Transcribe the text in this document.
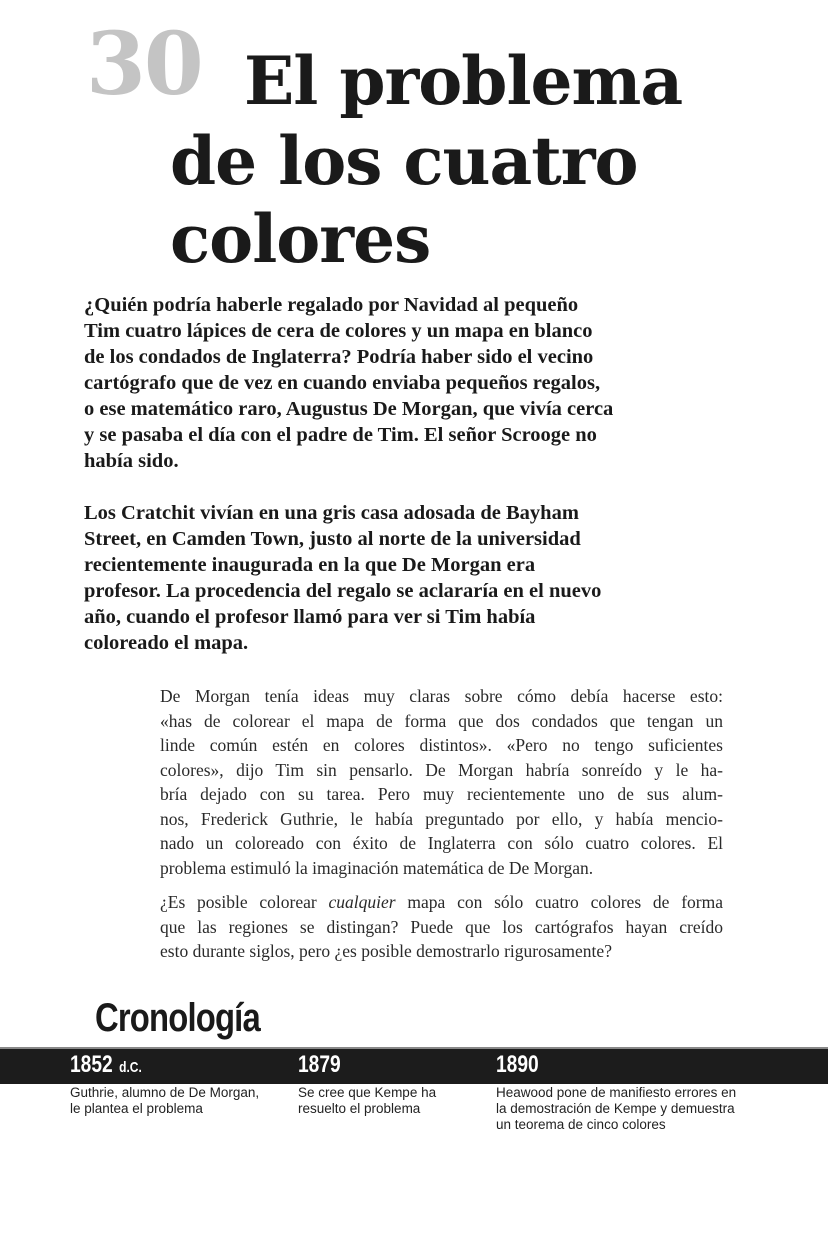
30 El problema
de los cuatro
colores
¿Quién podría haberle regalado por Navidad al pequeño
Tim cuatro lápices de cera de colores y un mapa en blanco
de los condados de Inglaterra? Podría haber sido el vecino
cartógrafo que de vez en cuando enviaba pequeños regalos,
o ese matemático raro, Augustus De Morgan, que vivía cerca
y se pasaba el día con el padre de Tim. El señor Scrooge no
había sido.
Los Cratchit vivían en una gris casa adosada de Bayham
Street, en Camden Town, justo al norte de la universidad
recientemente inaugurada en la que De Morgan era
profesor. La procedencia del regalo se aclararía en el nuevo
año, cuando el profesor llamó para ver si Tim había
coloreado el mapa.
De Morgan tenía ideas muy claras sobre cómo debía hacerse esto:
«has de colorear el mapa de forma que dos condados que tengan un
linde común estén en colores distintos». «Pero no tengo suficientes
colores», dijo Tim sin pensarlo. De Morgan habría sonreído y le ha-
bría dejado con su tarea. Pero muy recientemente uno de sus alum-
nos, Frederick Guthrie, le había preguntado por ello, y había mencio-
nado un coloreado con éxito de Inglaterra con sólo cuatro colores. El
problema estimuló la imaginación matemática de De Morgan.
¿Es posible colorear cualquier mapa con sólo cuatro colores de forma
que las regiones se distingan? Puede que los cartógrafos hayan creído
esto durante siglos, pero ¿es posible demostrarlo rigurosamente?
Cronología
1852 d.C.	1879	1890
Guthrie, alumno de De Morgan,
le plantea el problema
Se cree que Kempe ha
resuelto el problema
Heawood pone de manifiesto errores en
la demostración de Kempe y demuestra
un teorema de cinco colores
